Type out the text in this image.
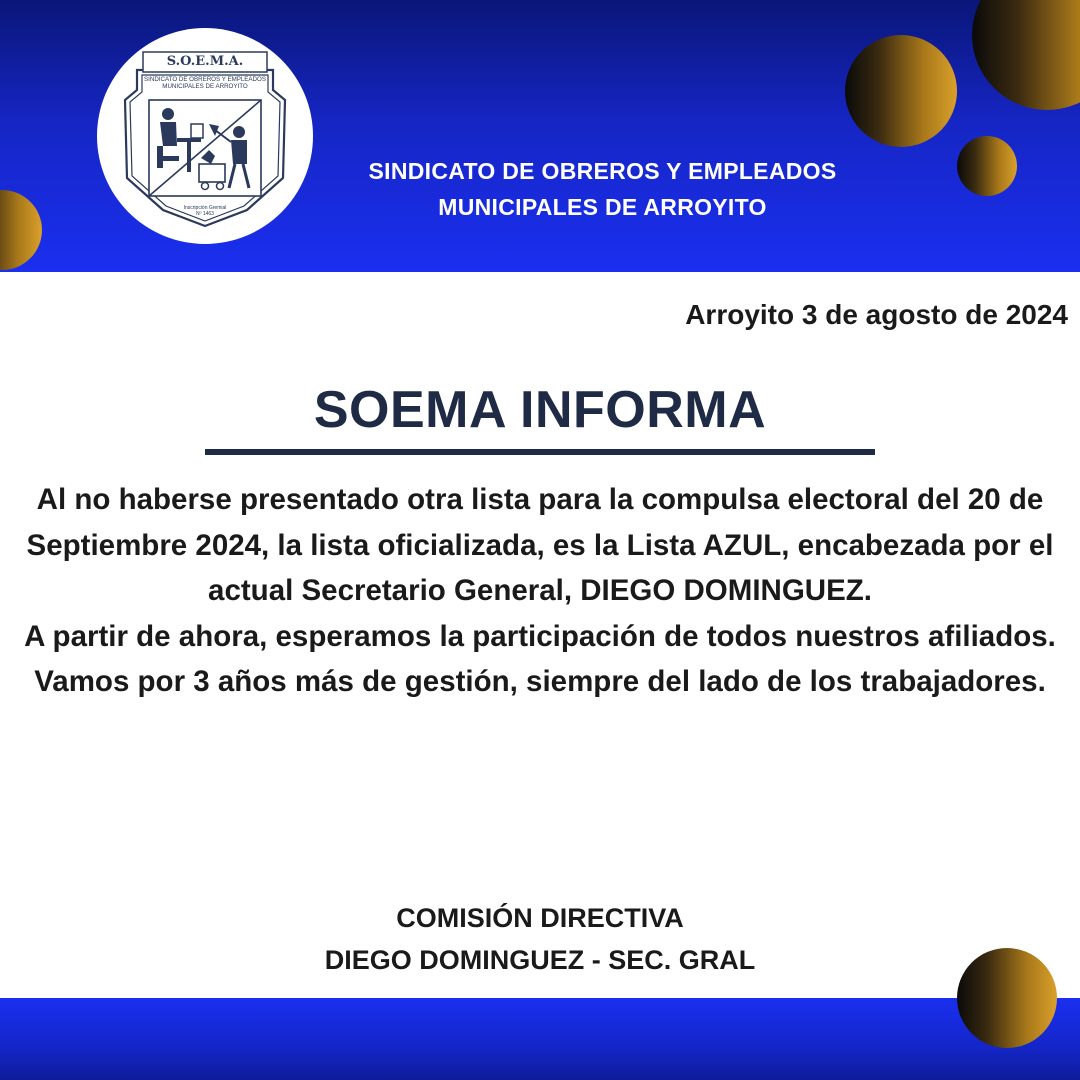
S.O.E.M.A.
SINDICATO DE OBREROS Y EMPLEADOS
MUNICIPALES DE ARROYITO
Inscripción Gremial
Nº 1463
SINDICATO DE OBREROS Y EMPLEADOS
MUNICIPALES DE ARROYITO
Arroyito 3 de agosto de 2024
SOEMA INFORMA

Al no haberse presentado otra lista para la compulsa electoral del 20 de Septiembre 2024, la lista oficializada, es la Lista AZUL, encabezada por el actual Secretario General, DIEGO DOMINGUEZ.

A partir de ahora, esperamos la participación de todos nuestros afiliados.

Vamos por 3 años más de gestión, siempre del lado de los trabajadores.

COMISIÓN DIRECTIVA
DIEGO DOMINGUEZ - SEC. GRAL
